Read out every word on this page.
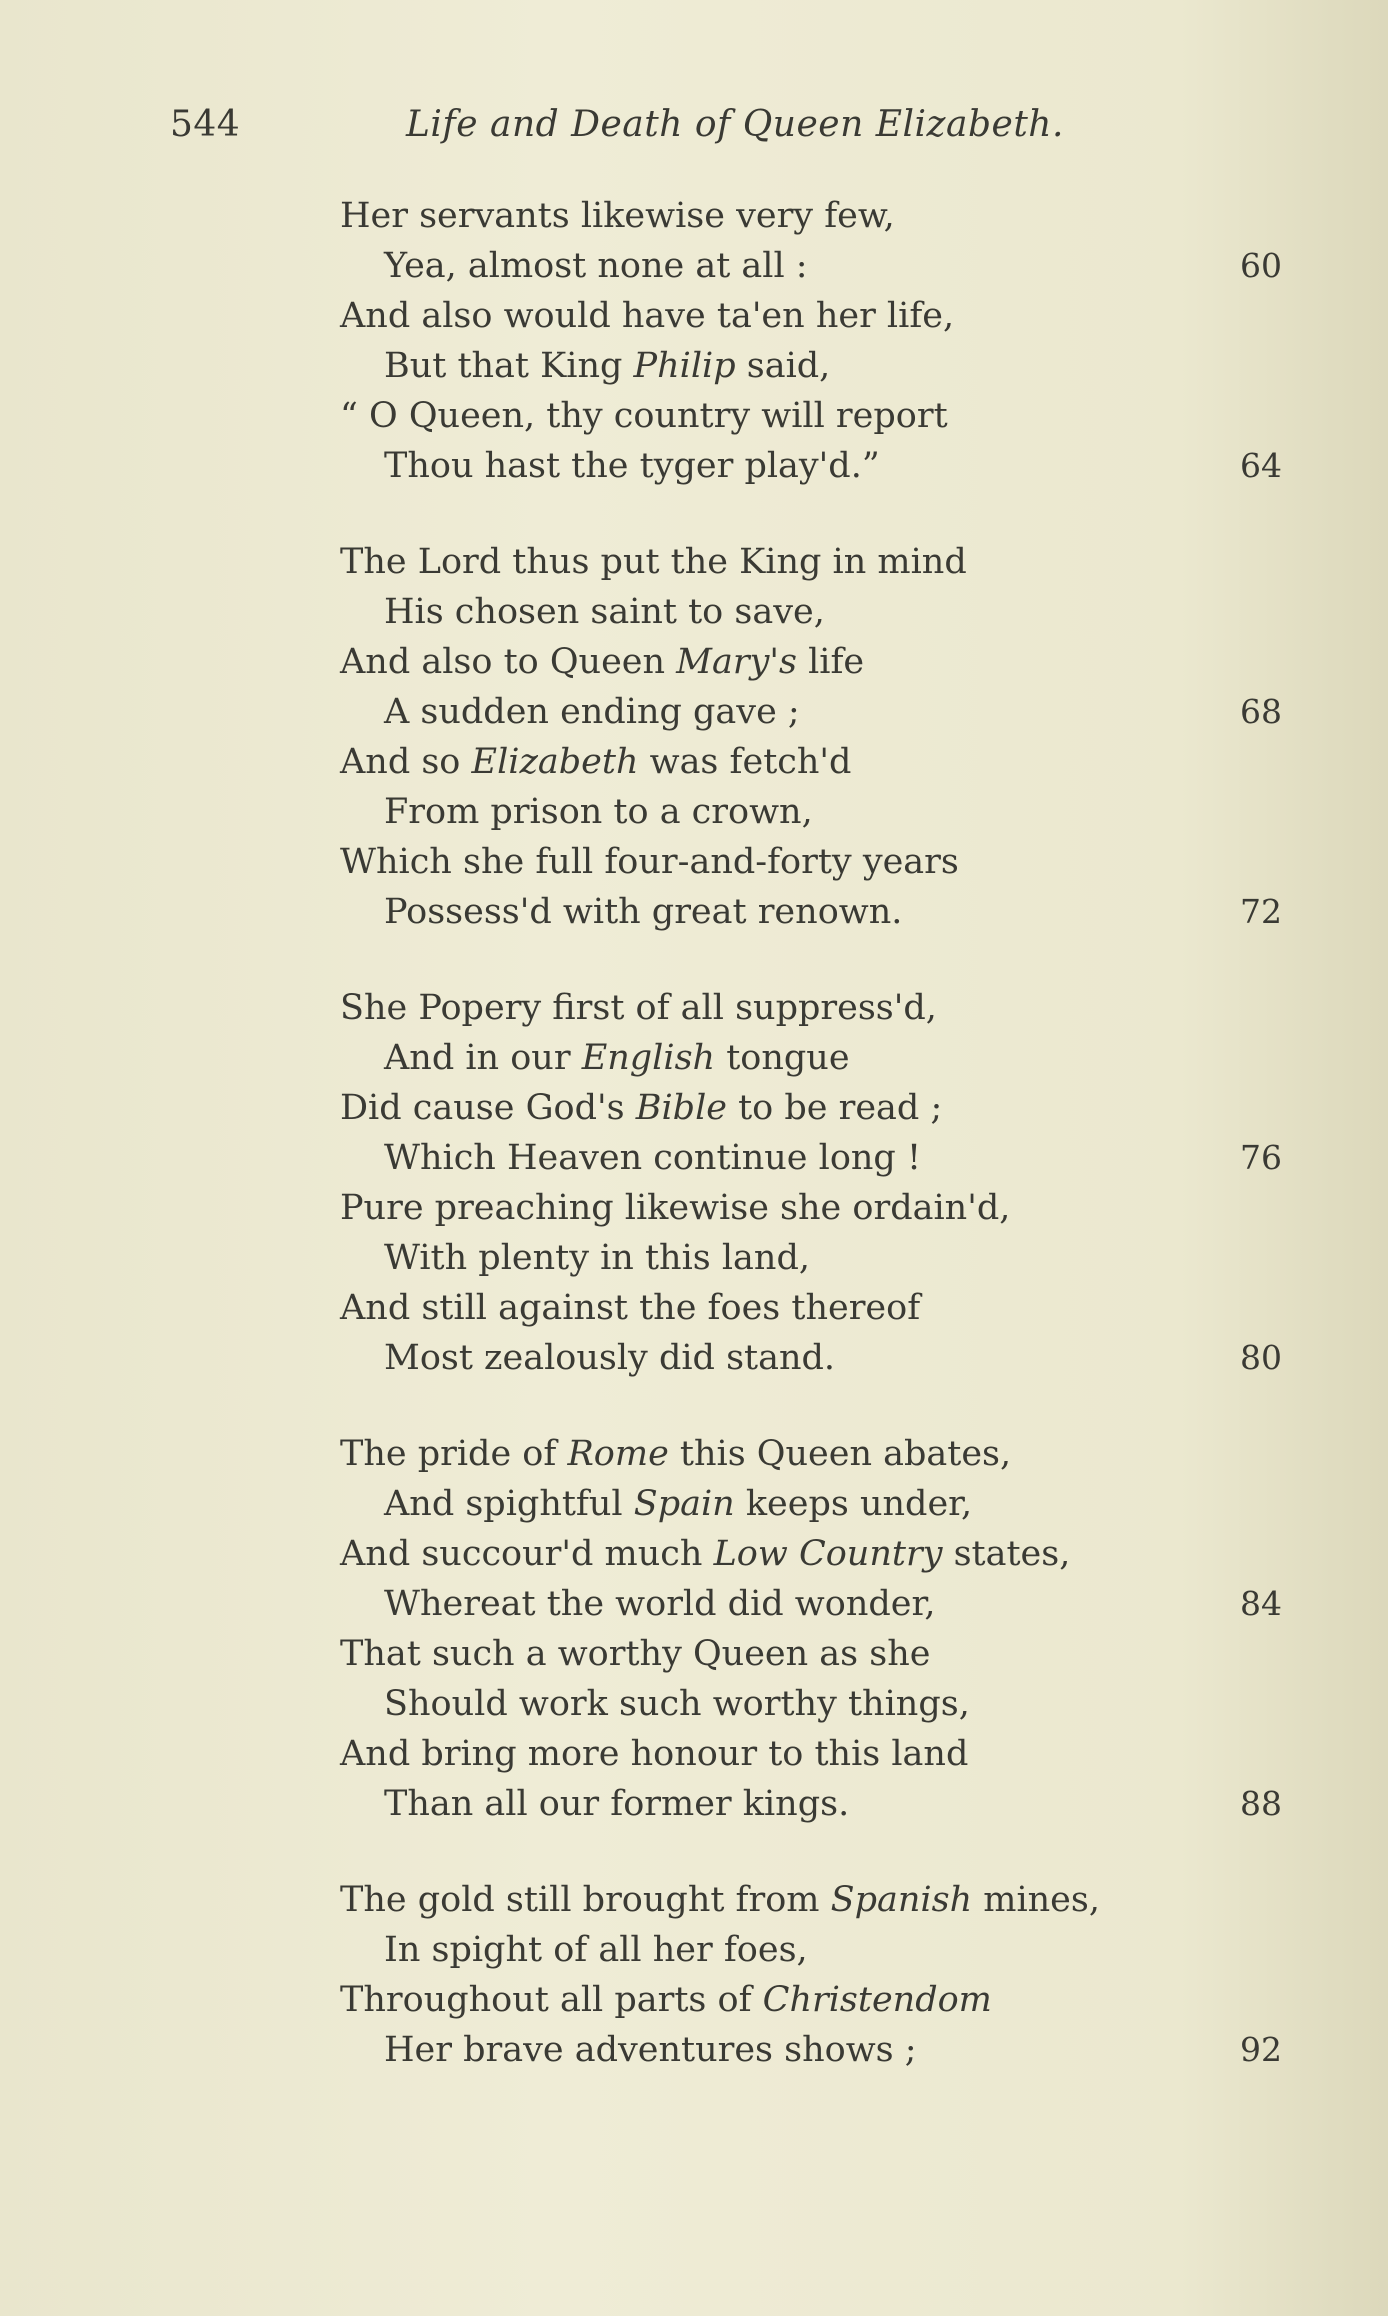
544	Life and Death of Queen Elizabeth.
Her servants likewise very few,
Yea, almost none at all :	60
And also would have ta'en her life,
But that King Philip said,
“ O Queen, thy country will report
Thou hast the tyger play'd.”	64
The Lord thus put the King in mind
His chosen saint to save,
And also to Queen Mary's life
A sudden ending gave ;	68
And so Elizabeth was fetch'd
From prison to a crown,
Which she full four-and-forty years
Possess'd with great renown.	72
She Popery first of all suppress'd,
And in our English tongue
Did cause God's Bible to be read ;
Which Heaven continue long !	76
Pure preaching likewise she ordain'd,
With plenty in this land,
And still against the foes thereof
Most zealously did stand.	80
The pride of Rome this Queen abates,
And spightful Spain keeps under,
And succour'd much Low Country states,
Whereat the world did wonder,	84
That such a worthy Queen as she
Should work such worthy things,
And bring more honour to this land
Than all our former kings.	88
The gold still brought from Spanish mines,
In spight of all her foes,
Throughout all parts of Christendom
Her brave adventures shows ;	92
